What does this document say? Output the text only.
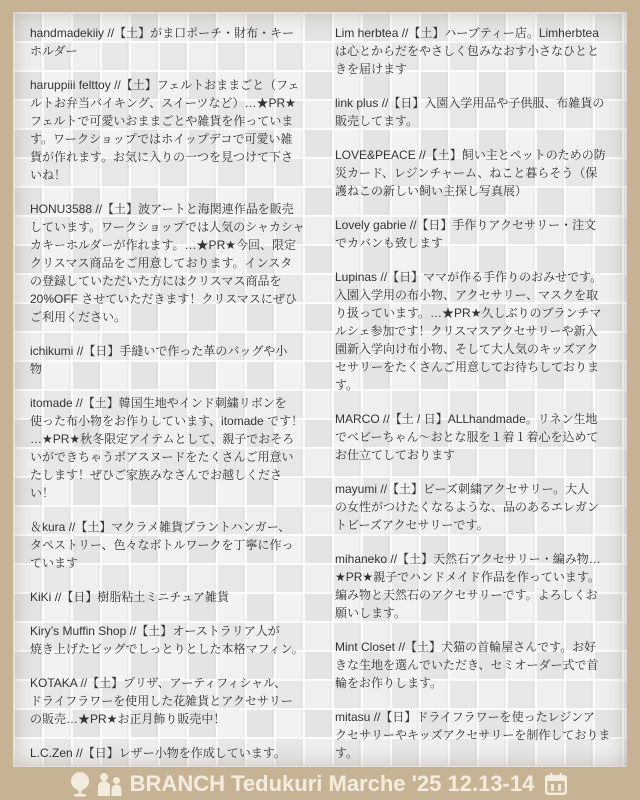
handmadekiiy //【土】がま口ポーチ・財布・キー
ホルダー
haruppiii felttoy //【土】フェルトおままごと（フェ
ルトお弁当バイキング、スイーツなど）…★PR★
フェルトで可愛いおままごとや雑貨を作っていま
す。ワークショップではホイップデコで可愛い雑
貨が作れます。お気に入りの一つを見つけて下さ
いね！
HONU3588 //【土】波アートと海関連作品を販売
しています。ワークショップでは人気のシャカシャ
カキーホルダーが作れます。…★PR★今回、限定
クリスマス商品をご用意しております。インスタ
の登録していただいた方にはクリスマス商品を
20%OFF させていただきます！クリスマスにぜひ
ご利用ください。
ichikumi //【日】手縫いで作った革のバッグや小
物
itomade //【土】韓国生地やインド刺繍リボンを
使った布小物をお作りしています、itomade です！
…★PR★秋冬限定アイテムとして、親子でおそろ
いができちゃうボアスヌードをたくさんご用意い
たします！ぜひご家族みなさんでお越しくださ
い！
＆kura //【土】マクラメ雑貨プラントハンガー、
タペストリー、色々なボトルワークを丁寧に作っ
ています
KiKi //【日】樹脂粘土ミニチュア雑貨
Kiry’s Muffin Shop //【土】オーストラリア人が
焼き上げたビッグでしっとりとした本格マフィン。
KOTAKA //【土】プリザ、アーティフィシャル、
ドライフラワーを使用した花雑貨とアクセサリー
の販売…★PR★お正月飾り販売中！
L.C.Zen //【日】レザー小物を作成しています。
Lim herbtea //【土】ハーブティー店。Limherbtea
は心とからだをやさしく包みなおす小さなひとと
きを届けます
link plus //【日】入園入学用品や子供服、布雑貨の
販売してます。
LOVE&PEACE //【土】飼い主とペットのための防
災カード、レジンチャーム、ねこと暮らそう（保
護ねこの新しい飼い主探し写真展）
Lovely gabrie //【日】手作りアクセサリー・注文
でカバンも致します
Lupinas //【日】ママが作る手作りのおみせです。
入園入学用の布小物、アクセサリー、マスクを取
り扱っています。…★PR★久しぶりのブランチマ
ルシェ参加です！クリスマスアクセサリーや新入
園新入学向け布小物、そして大人気のキッズアク
セサリーをたくさんご用意してお待ちしておりま
す。
MARCO //【土 / 日】ALLhandmade。リネン生地
でベビーちゃん～おとな服を１着１着心を込めて
お仕立てしております
mayumi //【土】ビーズ刺繍アクセサリー。大人
の女性がつけたくなるような、品のあるエレガン
トビーズアクセサリーです。
mihaneko //【土】天然石アクセサリー・編み物…
★PR★親子でハンドメイド作品を作っています。
編み物と天然石のアクセサリーです。よろしくお
願いします。
Mint Closet //【土】犬猫の首輪屋さんです。お好
きな生地を選んでいただき、セミオーダー式で首
輪をお作りします。
mitasu //【日】ドライフラワーを使ったレジンア
クセサリーやキッズアクセサリーを制作しておりま
す。
BRANCH Tedukuri Marche '25 12.13-14
